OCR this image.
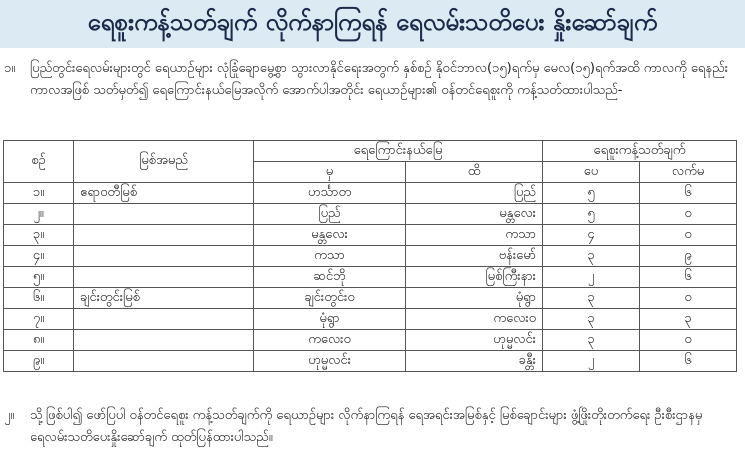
ရေစူးကန့်သတ်ချက် လိုက်နာကြရန် ရေလမ်းသတိပေး နှိုးဆော်ချက်
၁။ ပြည်တွင်းရေလမ်းများတွင် ရေယာဉ်များ လုံခြုံချောမွေ့စွာ သွားလာနိုင်ရေးအတွက် နှစ်စဉ် နိုဝင်ဘာလ(၁၅)ရက်မှ မေလ(၁၅)ရက်အထိ ကာလကို ရေနည်းကာလအဖြစ် သတ်မှတ်၍ ရေကြောင်းနယ်မြေအလိုက် အောက်ပါအတိုင်း ရေယာဉ်များ၏ ဝန်တင်ရေစူးကို ကန့်သတ်ထားပါသည်-
စဉ်	မြစ်အမည်	ရေကြောင်းနယ်မြေ		ရေစူးကန့်သတ်ချက်	
		မှ	ထိ	ပေ	လက်မ
၁။	ဧရာဝတီမြစ်	ဟင်္သာတ	ပြည်	၅	၆
၂။		ပြည်	မန္တလေး	၅	၀
၃။		မန္တလေး	ကသာ	၄	၀
၄။		ကသာ	ဗန်းမော်	၃	၉
၅။		ဆင်ဘို	မြစ်ကြီးနား	၂	၆
၆။	ချင်းတွင်းမြစ်	ချင်းတွင်းဝ	မုံရွာ	၃	၀
၇။		မုံရွာ	ကလေးဝ	၃	၃
၈။		ကလေးဝ	ဟုမ္မလင်း	၃	၀
၉။		ဟုမ္မလင်း	ခန္တီး	၂	၆
၂။ သို့ဖြစ်ပါ၍ ဖော်ပြပါ ဝန်တင်ရေစူး ကန့်သတ်ချက်ကို ရေယာဉ်များ လိုက်နာကြရန် ရေအရင်းအမြစ်နှင့် မြစ်ချောင်းများ ဖွံ့ဖြိုးတိုးတက်ရေး ဦးစီးဌာနမှ ရေလမ်းသတိပေးနှိုးဆော်ချက် ထုတ်ပြန်ထားပါသည်။
